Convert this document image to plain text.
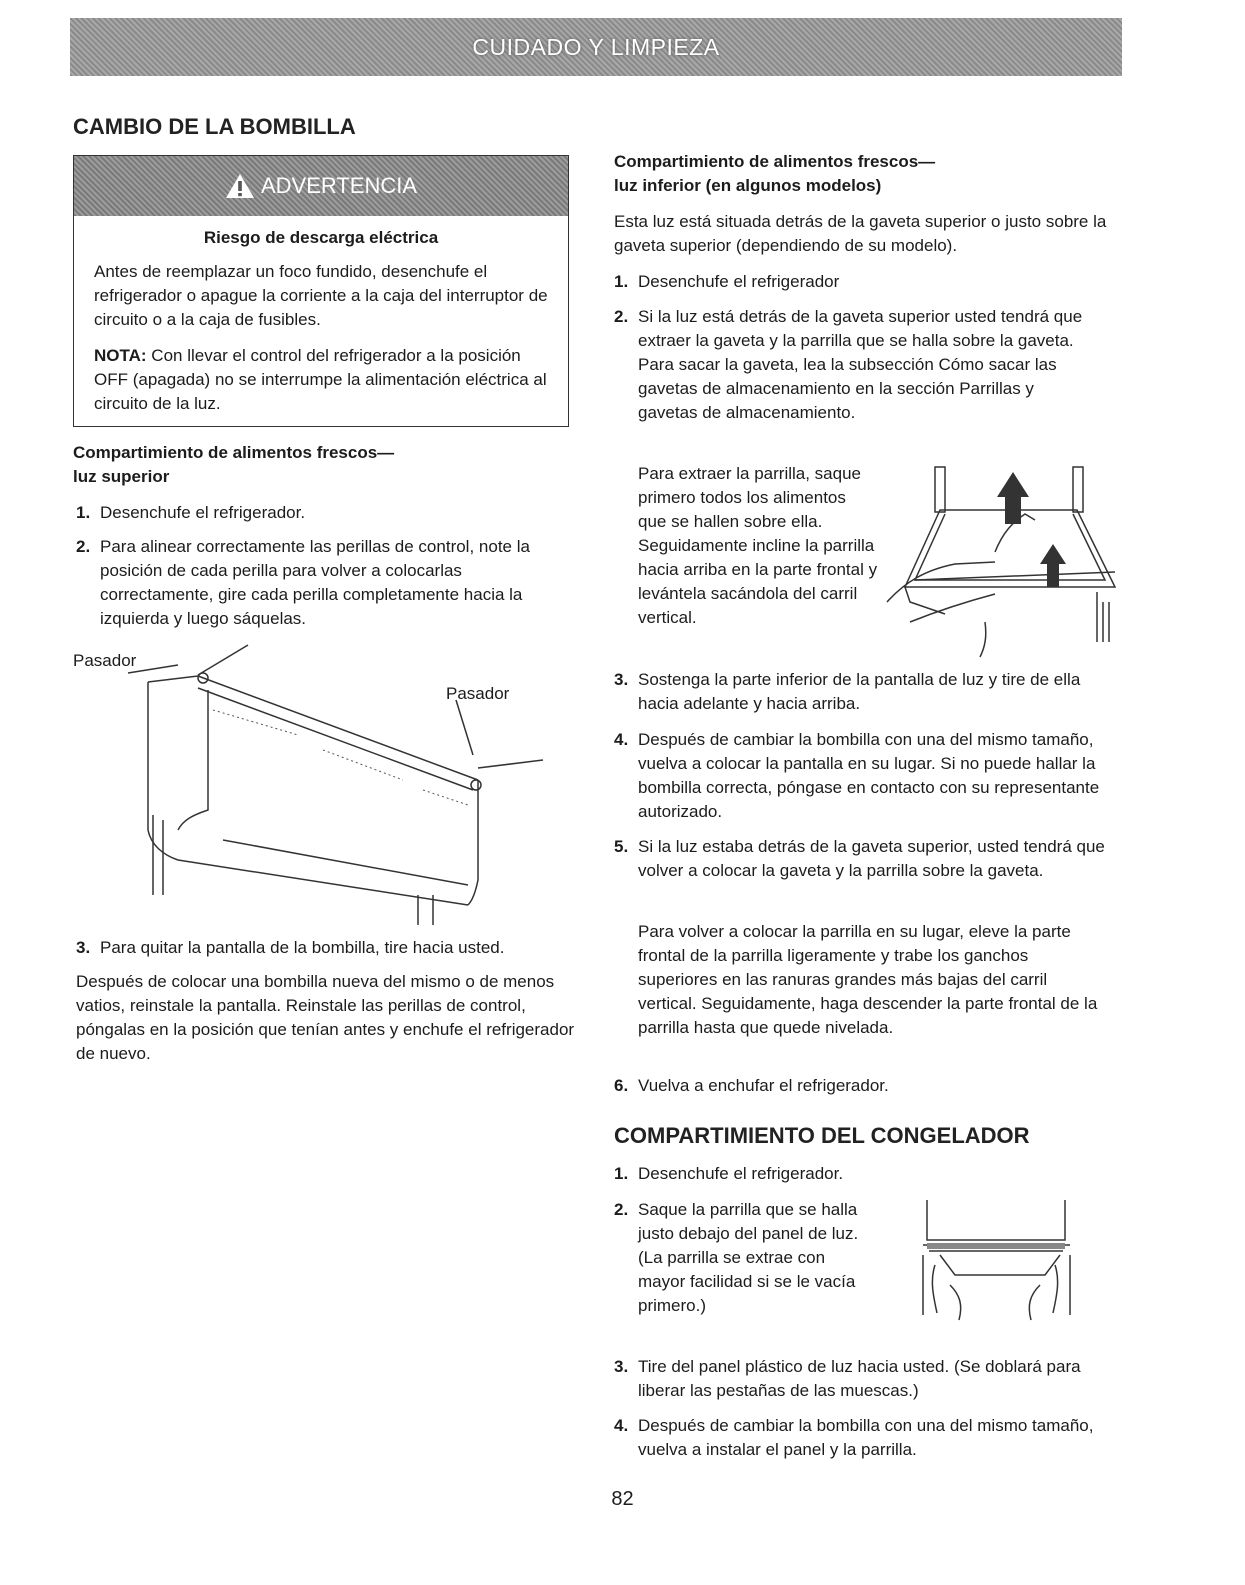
CUIDADO Y LIMPIEZA
CAMBIO DE LA BOMBILLA
ADVERTENCIA
Riesgo de descarga eléctrica
Antes de reemplazar un foco fundido, desenchufe el refrigerador o apague la corriente a la caja del interruptor de circuito o a la caja de fusibles.
NOTA: Con llevar el control del refrigerador a la posición OFF (apagada) no se interrumpe la alimentación eléctrica al circuito de la luz.
Compartimiento de alimentos frescos—
luz superior
1. Desenchufe el refrigerador.
2. Para alinear correctamente las perillas de control, note la posición de cada perilla para volver a colocarlas correctamente, gire cada perilla completamente hacia la izquierda y luego sáquelas.
Pasador
Pasador
3. Para quitar la pantalla de la bombilla, tire hacia usted.
Después de colocar una bombilla nueva del mismo o de menos vatios, reinstale la pantalla. Reinstale las perillas de control, póngalas en la posición que tenían antes y enchufe el refrigerador de nuevo.
Compartimiento de alimentos frescos—
luz inferior (en algunos modelos)
Esta luz está situada detrás de la gaveta superior o justo sobre la gaveta superior (dependiendo de su modelo).
1. Desenchufe el refrigerador
2. Si la luz está detrás de la gaveta superior usted tendrá que extraer la gaveta y la parrilla que se halla sobre la gaveta. Para sacar la gaveta, lea la subsección Cómo sacar las gavetas de almacenamiento en la sección Parrillas y gavetas de almacenamiento.
Para extraer la parrilla, saque primero todos los alimentos que se hallen sobre ella. Seguidamente incline la parrilla hacia arriba en la parte frontal y levántela sacándola del carril vertical.
3. Sostenga la parte inferior de la pantalla de luz y tire de ella hacia adelante y hacia arriba.
4. Después de cambiar la bombilla con una del mismo tamaño, vuelva a colocar la pantalla en su lugar. Si no puede hallar la bombilla correcta, póngase en contacto con su representante autorizado.
5. Si la luz estaba detrás de la gaveta superior, usted tendrá que volver a colocar la gaveta y la parrilla sobre la gaveta.
Para volver a colocar la parrilla en su lugar, eleve la parte frontal de la parrilla ligeramente y trabe los ganchos superiores en las ranuras grandes más bajas del carril vertical. Seguidamente, haga descender la parte frontal de la parrilla hasta que quede nivelada.
6. Vuelva a enchufar el refrigerador.
COMPARTIMIENTO DEL CONGELADOR
1. Desenchufe el refrigerador.
2. Saque la parrilla que se halla justo debajo del panel de luz. (La parrilla se extrae con mayor facilidad si se le vacía primero.)
3. Tire del panel plástico de luz hacia usted. (Se doblará para liberar las pestañas de las muescas.)
4. Después de cambiar la bombilla con una del mismo tamaño, vuelva a instalar el panel y la parrilla.
82
